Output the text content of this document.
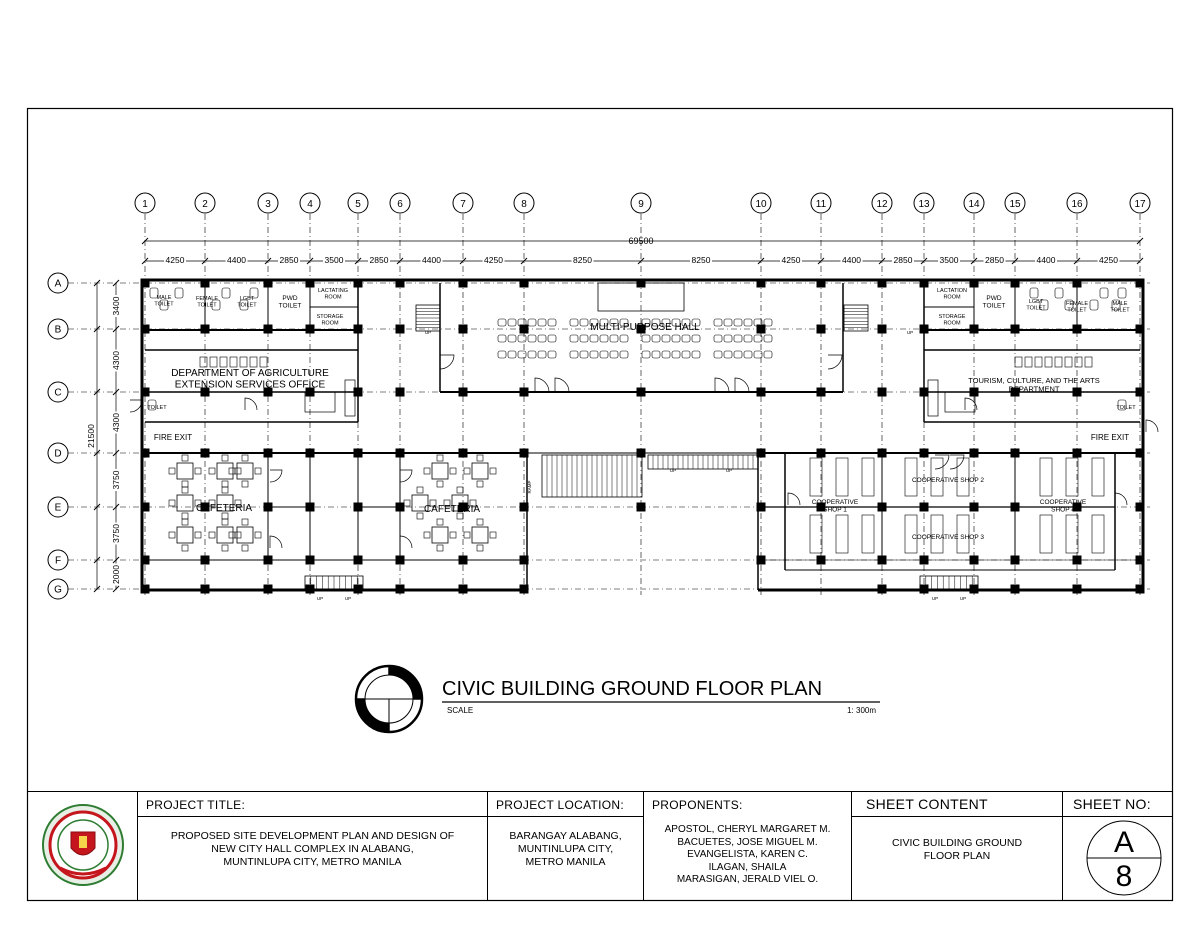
69500
4250	4400	2850	3500	2850	4400	4250	8250	8250	4250	4400	2850	3500	2850	4400	4250
21500
3400
4300
4300
3750
3750
2000
1	2	3	4	5	6	7	8	9	10	11	12	13	14	15	16	17
A
B
C
D
E
F
G
MALE TOILET
FEMALE TOILET
LGBT TOILET
PWD TOILET
LACTATING ROOM
STORAGE ROOM	MULTI-PURPOSE HALL
DEPARTMENT OF AGRICULTURE EXTENSION SERVICES OFFICE
TOILET
FIRE EXIT
CAFETERIA	CAFETERIA
LACTATION ROOM
STORAGE ROOM
PWD TOILET
LGBT TOILET
FEMALE TOILET
MALE TOILET
TOURISM, CULTURE, AND THE ARTS DEPARTMENT
TOILET
FIRE EXIT
COOPERATIVE SHOP 1
COOPERATIVE SHOP 2
COOPERATIVE SHOP 3
COOPERATIVE SHOP 4
UP	UP
UP	UP	UP	UP
UP	UP
RAMP
CIVIC BUILDING GROUND FLOOR PLAN
SCALE	1: 300m
PROJECT TITLE:
PROPOSED SITE DEVELOPMENT PLAN AND DESIGN OF
NEW CITY HALL COMPLEX IN ALABANG,
MUNTINLUPA CITY, METRO MANILA
PROJECT LOCATION:
BARANGAY ALABANG,
MUNTINLUPA CITY,
METRO MANILA
PROPONENTS:
APOSTOL, CHERYL MARGARET M.
BACUETES, JOSE MIGUEL M.
EVANGELISTA, KAREN C.
ILAGAN, SHAILA
MARASIGAN, JERALD VIEL O.
SHEET CONTENT
CIVIC BUILDING GROUND
FLOOR PLAN
SHEET NO:
A
8
